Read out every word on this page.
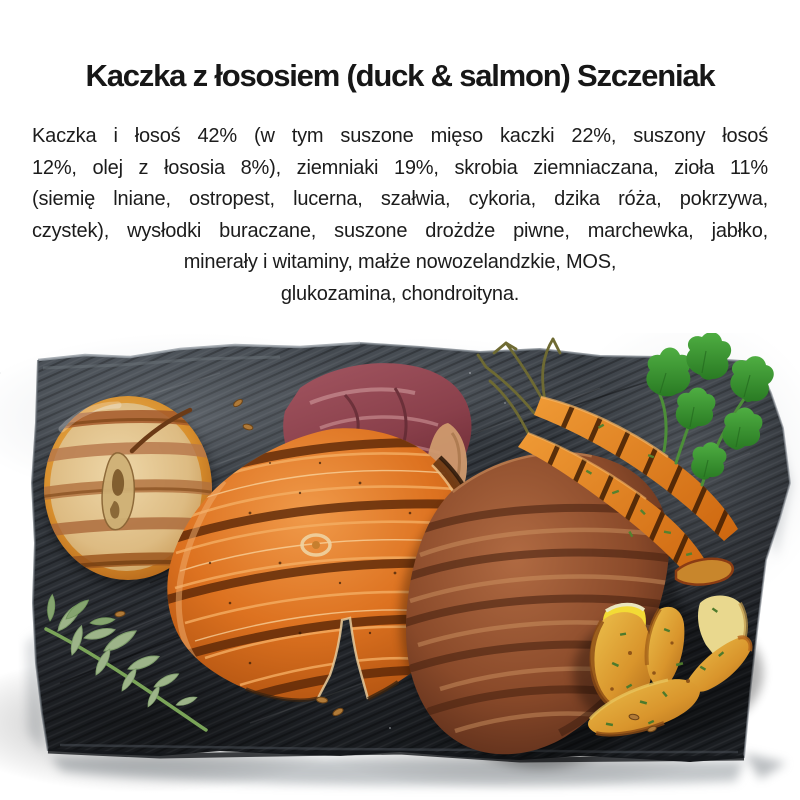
Kaczka z łososiem (duck & salmon) Szczeniak
Kaczka i łosoś 42% (w tym suszone mięso kaczki 22%, suszony łosoś
12%, olej z łososia 8%), ziemniaki 19%, skrobia ziemniaczana, zioła 11%
(siemię lniane, ostropest, lucerna, szałwia, cykoria, dzika róża, pokrzywa,
czystek), wysłodki buraczane, suszone drożdże piwne, marchewka, jabłko,
minerały i witaminy, małże nowozelandzkie, MOS,
glukozamina, chondroityna.
